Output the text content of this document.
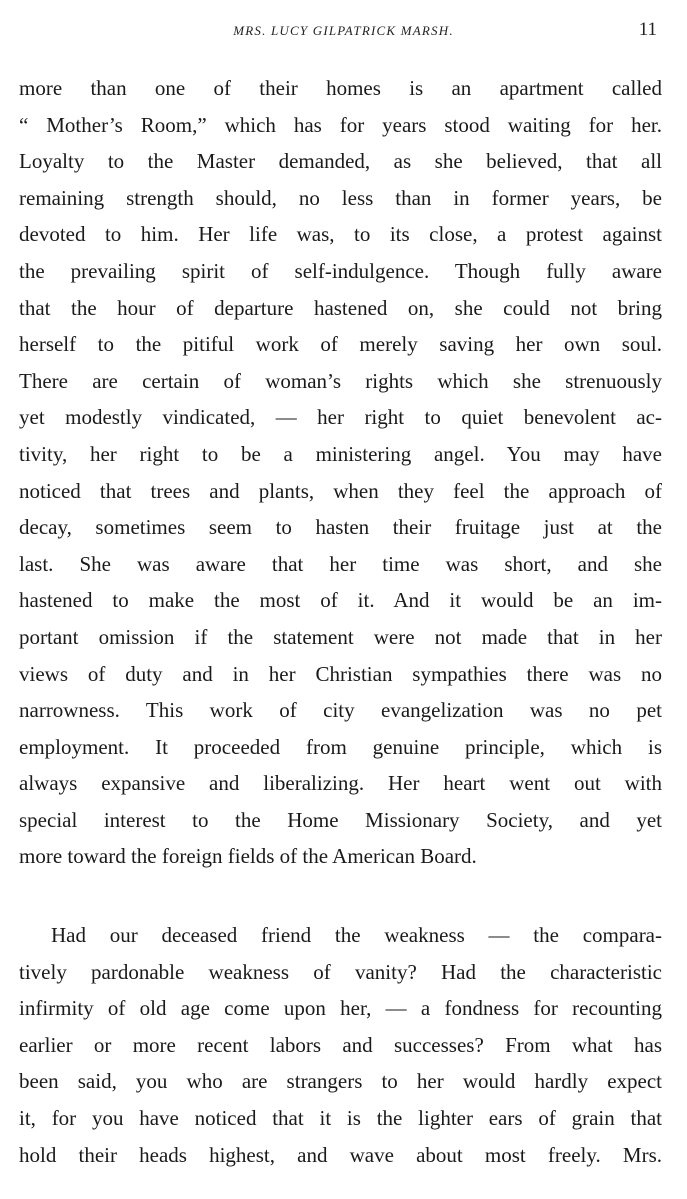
MRS. LUCY GILPATRICK MARSH.	11
more than one of their homes is an apartment called
“ Mother’s Room,” which has for years stood waiting for her.
Loyalty to the Master demanded, as she believed, that all
remaining strength should, no less than in former years, be
devoted to him. Her life was, to its close, a protest against
the prevailing spirit of self-indulgence. Though fully aware
that the hour of departure hastened on, she could not bring
herself to the pitiful work of merely saving her own soul.
There are certain of woman’s rights which she strenuously
yet modestly vindicated, — her right to quiet benevolent ac-
tivity, her right to be a ministering angel. You may have
noticed that trees and plants, when they feel the approach of
decay, sometimes seem to hasten their fruitage just at the
last. She was aware that her time was short, and she
hastened to make the most of it. And it would be an im-
portant omission if the statement were not made that in her
views of duty and in her Christian sympathies there was no
narrowness. This work of city evangelization was no pet
employment. It proceeded from genuine principle, which is
always expansive and liberalizing. Her heart went out with
special interest to the Home Missionary Society, and yet
more toward the foreign fields of the American Board.
Had our deceased friend the weakness — the compara-
tively pardonable weakness of vanity? Had the characteristic
infirmity of old age come upon her, — a fondness for recounting
earlier or more recent labors and successes? From what has
been said, you who are strangers to her would hardly expect
it, for you have noticed that it is the lighter ears of grain that
hold their heads highest, and wave about most freely. Mrs.
